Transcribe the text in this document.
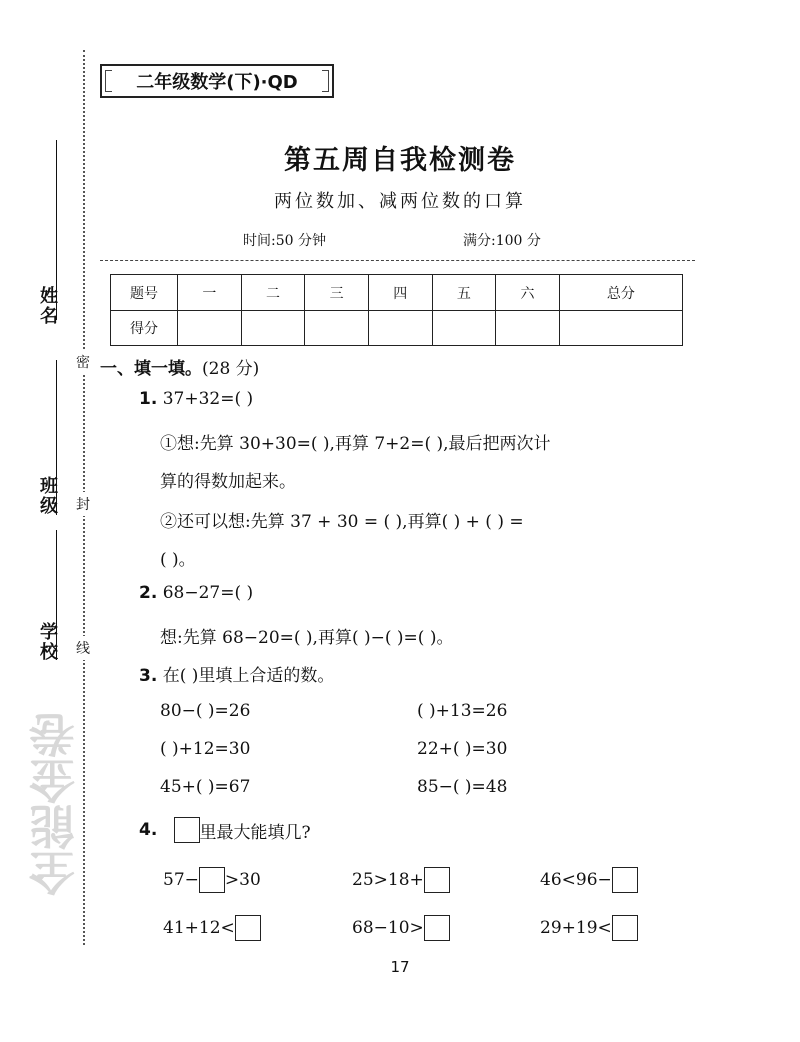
姓名
班级
学校
密
封
线
全能金卷
二年级数学(下)·QD
第五周自我检测卷
两位数加、减两位数的口算
时间:50 分钟	满分:100 分
题号	一	二	三	四	五	六	总分
得分							
一、填一填。(28 分)
1. 37+32=( )
①想:先算 30+30=( ),再算 7+2=( ),最后把两次计
算的得数加起来。
②还可以想:先算 37 + 30 = ( ),再算( ) + ( ) =
( )。
2. 68−27=( )
想:先算 68−20=( ),再算( )−( )=( )。
3. 在( )里填上合适的数。
80−( )=26	( )+13=26
( )+12=30	22+( )=30
45+( )=67	85−( )=48
4.
里最大能填几?
57− >30	25>18+	46<96−
41+12<	68−10>	29+19<
17
